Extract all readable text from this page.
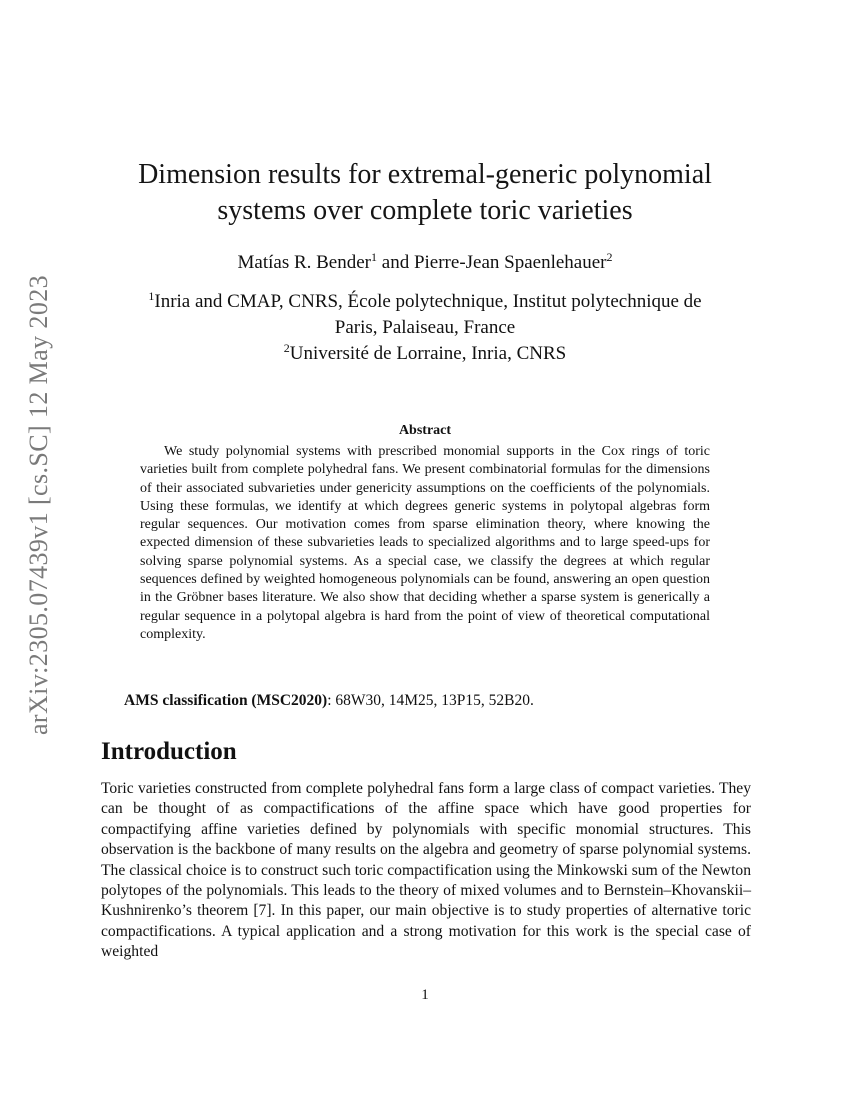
arXiv:2305.07439v1 [cs.SC] 12 May 2023
Dimension results for extremal-generic polynomial
systems over complete toric varieties
Matías R. Bender$^1$ and Pierre-Jean Spaenlehauer$^2$
$^1$Inria and CMAP, CNRS, École polytechnique, Institut polytechnique de
Paris, Palaiseau, France
$^2$Université de Lorraine, Inria, CNRS
Abstract
We study polynomial systems with prescribed monomial supports in the Cox rings of toric varieties built from complete polyhedral fans. We present combinatorial formulas for the dimensions of their associated subvarieties under genericity assumptions on the coefficients of the polynomials. Using these formulas, we identify at which degrees generic systems in polytopal algebras form regular sequences. Our motivation comes from sparse elimination theory, where knowing the expected dimension of these subvarieties leads to specialized algorithms and to large speed-ups for solving sparse polynomial systems. As a special case, we classify the degrees at which regular sequences defined by weighted homogeneous polynomials can be found, answering an open question in the Gröbner bases literature. We also show that deciding whether a sparse system is generically a regular sequence in a polytopal algebra is hard from the point of view of theoretical computational complexity.
AMS classification (MSC2020): 68W30, 14M25, 13P15, 52B20.
Introduction
Toric varieties constructed from complete polyhedral fans form a large class of compact varieties. They can be thought of as compactifications of the affine space which have good properties for compactifying affine varieties defined by polynomials with specific monomial structures. This observation is the backbone of many results on the algebra and geometry of sparse polynomial systems. The classical choice is to construct such toric compactification using the Minkowski sum of the Newton polytopes of the polynomials. This leads to the theory of mixed volumes and to Bernstein–Khovanskii–Kushnirenko’s theorem [7]. In this paper, our main objective is to study properties of alternative toric compactifications. A typical application and a strong motivation for this work is the special case of weighted
1
